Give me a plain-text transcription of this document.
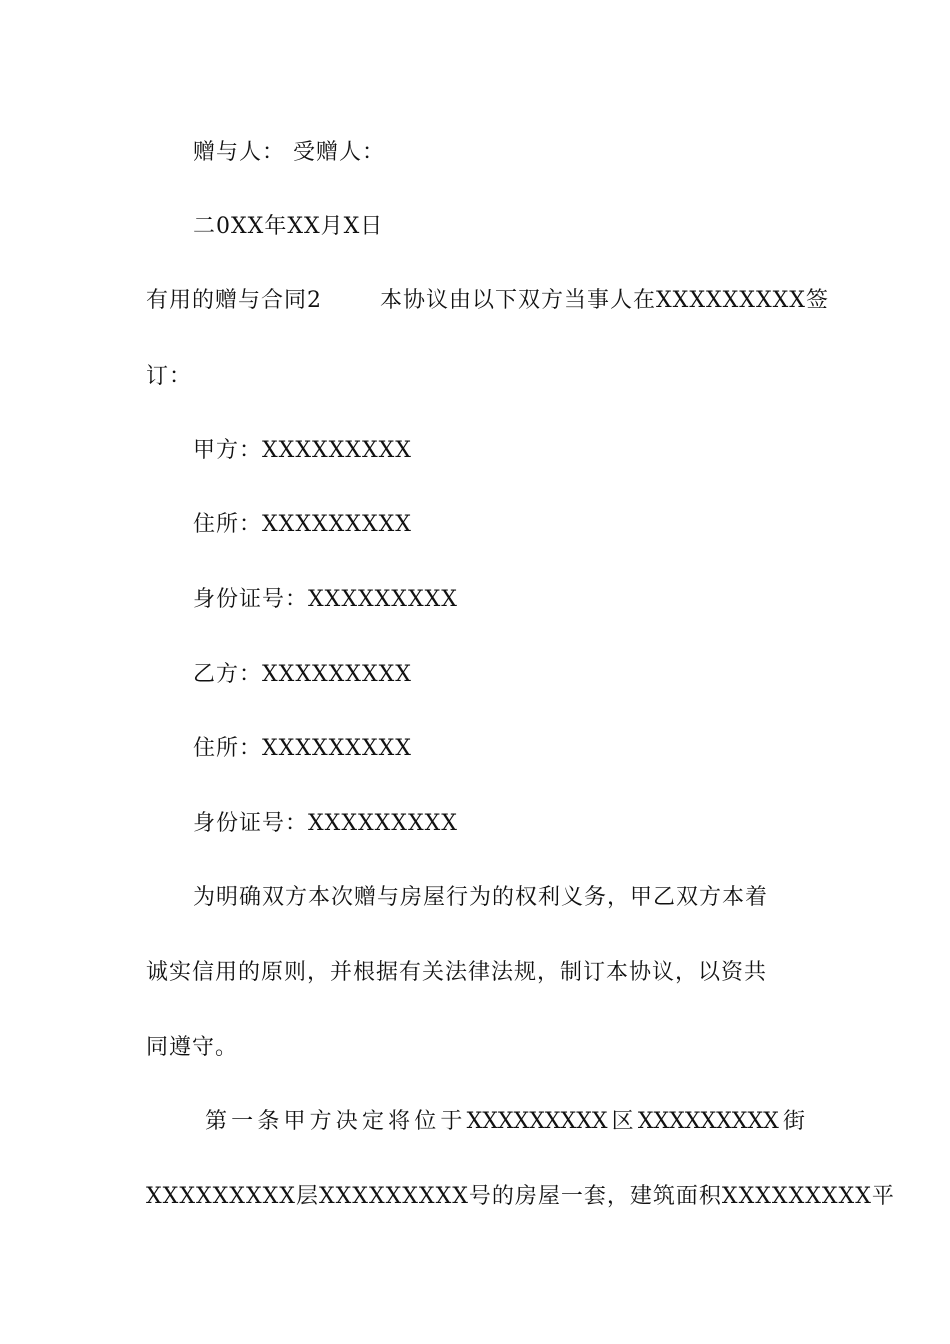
赠与人： 受赠人：
二0XX年XX月X日
有用的赠与合同2	本协议由以下双方当事人在XXXXXXXXX签
订：
甲方：XXXXXXXXX
住所：XXXXXXXXX
身份证号：XXXXXXXXX
乙方：XXXXXXXXX
住所：XXXXXXXXX
身份证号：XXXXXXXXX
为明确双方本次赠与房屋行为的权利义务，甲乙双方本着
诚实信用的原则，并根据有关法律法规，制订本协议，以资共
同遵守。
第 一 条 甲 方 决 定 将 位 于 XXXXXXXXX 区 XXXXXXXXX 街
XXXXXXXXX层XXXXXXXXX号的房屋一套，建筑面积XXXXXXXXX平
